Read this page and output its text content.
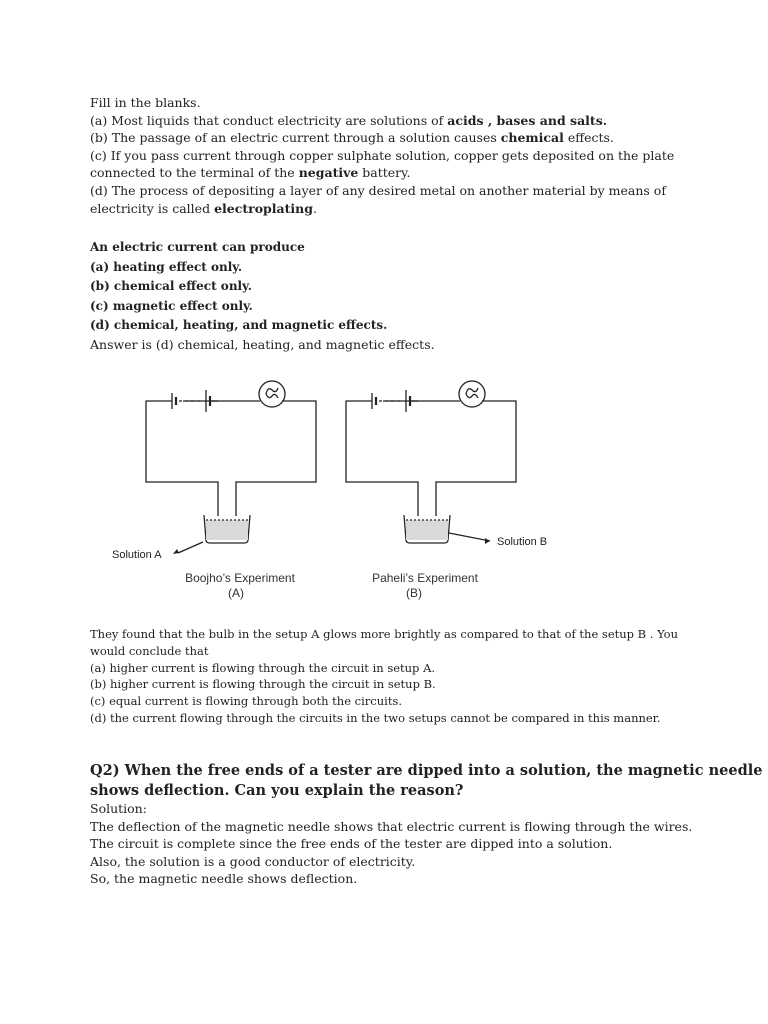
Fill in the blanks.

(a) Most liquids that conduct electricity are solutions of acids , bases and salts.

(b) The passage of an electric current through a solution causes chemical effects.

(c) If you pass current through copper sulphate solution, copper gets deposited on the plate

connected to the terminal of the negative battery.

(d) The process of depositing a layer of any desired metal on another material by means of

electricity is called electroplating.

An electric current can produce

(a) heating effect only.

(b) chemical effect only.

(c) magnetic effect only.

(d) chemical, heating, and magnetic effects.

Answer is (d) chemical, heating, and magnetic effects.

Solution A
Solution B
Boojho’s Experiment
(A)
Paheli’s Experiment
(B)

They found that the bulb in the setup A glows more brightly as compared to that of the setup B . You

would conclude that

(a) higher current is flowing through the circuit in setup A.

(b) higher current is flowing through the circuit in setup B.

(c) equal current is flowing through both the circuits.

(d) the current flowing through the circuits in the two setups cannot be compared in this manner.

Q2) When the free ends of a tester are dipped into a solution, the magnetic needle

shows deflection. Can you explain the reason?

Solution:

The deflection of the magnetic needle shows that electric current is flowing through the wires.

The circuit is complete since the free ends of the tester are dipped into a solution.

Also, the solution is a good conductor of electricity.

So, the magnetic needle shows deflection.
